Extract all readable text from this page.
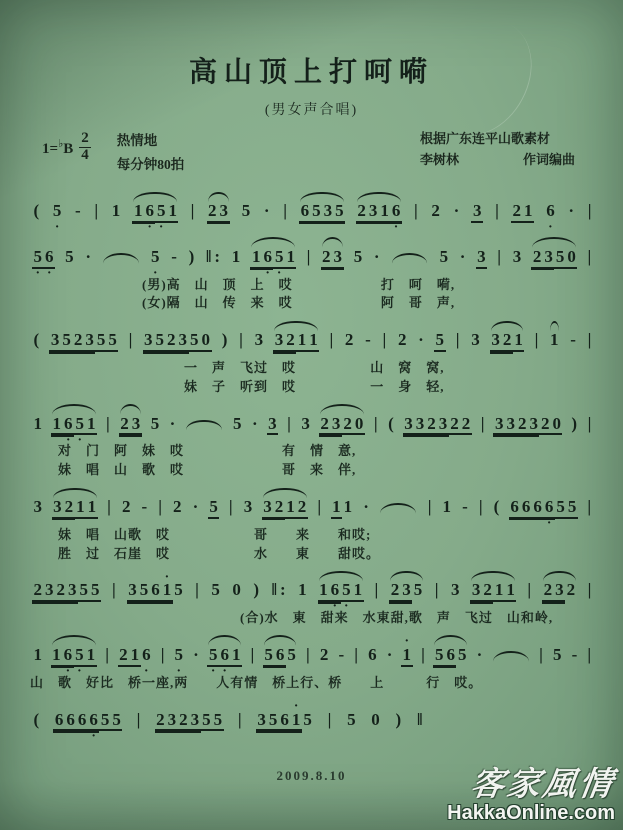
高山顶上打呵嗬
(男女声合唱)
$1=^♭B \frac{2}{4}$ 热情地
每分钟80拍
根据广东连平山歌素材
李树林	作词编曲
( · 5 - | 1 1 · 6 · 5 1 | 2 3 5 · | 6 5 3 5 2 3 1 · 6 | 2 · 3 | 2 1 · 6 · |
· 5 · 6 5 ·	· 5 - ) ‖ : 1 1 · 6 · 5 1 | 2 3 5 ·	5 · 3 | 3 2 3 5 0 |
　　　　　　　　(男)高　山　顶　上　哎　　　　　　 打　呵　嗬,
　　　　　　　　(女)隔　山　传　来　哎　　　　　　 阿　哥　声,
( 3 5 2 3 5 5 | 3 5 2 3 5 0 ) | 3 3 2 1 1 | 2 - | 2 · 5 | 3 3 2 1 | 1 - |
　　　　　　　　　　　一　声　飞过　哎　　　　　 山　窝　窝,
　　　　　　　　　　　妹　子　听到　哎　　　　　 一　身　轻,
1 1 · 6 · 5 1 | 2 3 5 ·	5 · 3 | 3 2 3 2 0 | ( 3 3 2 3 2 2 | 3 3 2 3 2 0 ) |
　　对　门　阿　妹　哎　　　　　　　有　情　意,
　　妹　唱　山　歌　哎　　　　　　　哥　来　伴,
3 3 2 1 1 | 2 - | 2 · 5 | 3 3 2 1 2 | 1 1 ·	| 1 - | ( 6 6 6 · 6 5 5 |
　　妹　唱　山歌　哎　　　　　　哥　　来　　和哎;
　　胜　过　石崖　哎　　　　　　水　　東　　甜哎。
2 3 2 3 5 5 | 3 5 6 · 1 5 | 5 0 ) ‖ : 1 1 · 6 · 5 1 | 2 3 5 | 3 3 2 1 1 | 2 3 2 |
　　　　　　　　　　　　　　　(合)水　東　甜来　水東甜,歌　声　飞过　山和岭,
1 1 · 6 · 5 1 | 2 1 · 6 | · 5 · · 5 · 6 1 | 5 6 5 | 2 - | 6 · · 1 | 5 6 5 ·	| 5 - |
山　歌　好比　桥一座,两　　人有情　桥上行、桥　　上　　　行　哎。
( 6 6 6 · 6 5 5 | 2 3 2 3 5 5 | 3 5 6 · 1 5 | 5 0 ) ‖
2009.8.10	客家風情
HakkaOnline.com
